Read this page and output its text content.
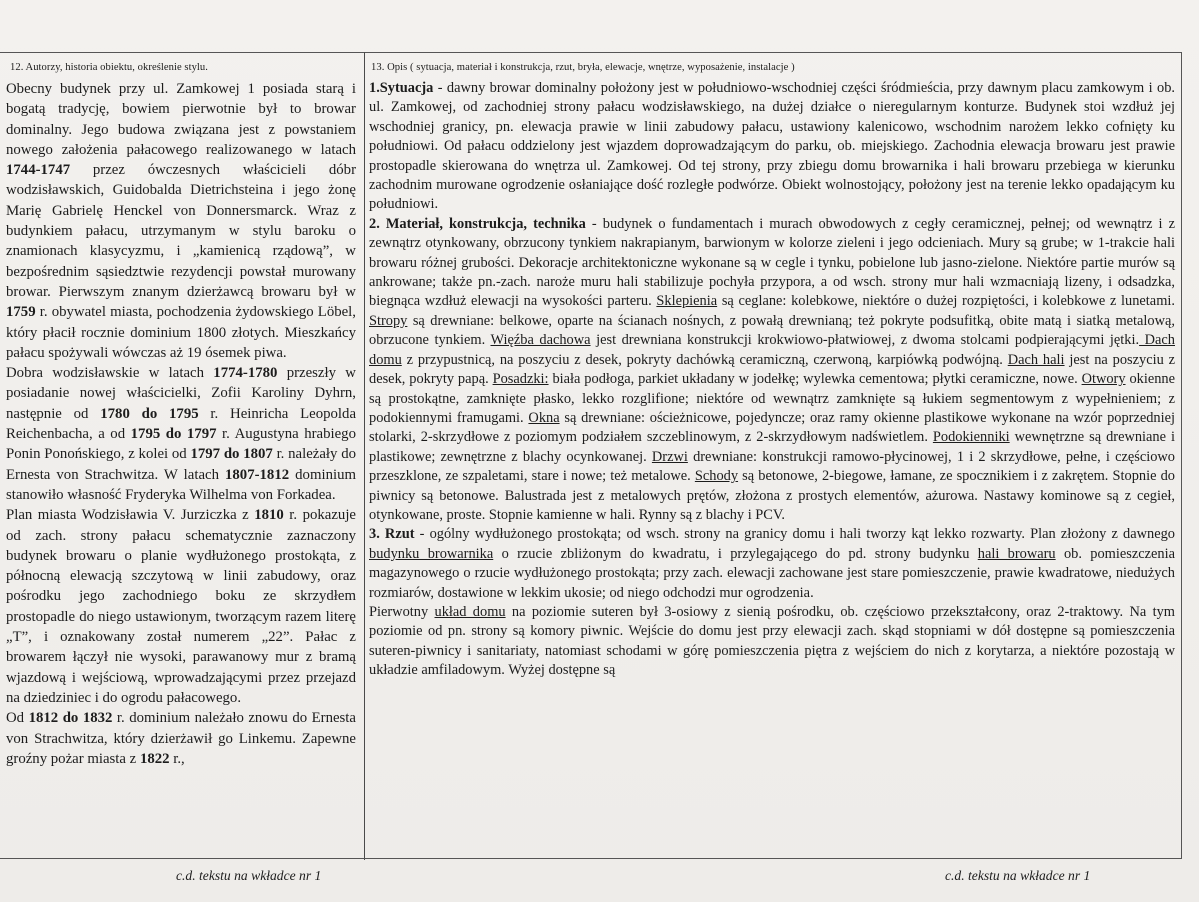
12. Autorzy, historia obiektu, określenie stylu.

Obecny budynek przy ul. Zamkowej 1 posiada starą i bogatą tradycję, bowiem pierwotnie był to browar dominalny. Jego budowa związana jest z powstaniem nowego założenia pałacowego realizowanego w latach 1744-1747 przez ówczesnych właścicieli dóbr wodzisławskich, Guidobalda Dietrichsteina i jego żonę Marię Gabrielę Henckel von Donnersmarck. Wraz z budynkiem pałacu, utrzymanym w stylu baroku o znamionach klasycyzmu, i „kamienicą rządową”, w bezpośrednim sąsiedztwie rezydencji powstał murowany browar. Pierwszym znanym dzierżawcą browaru był w 1759 r. obywatel miasta, pochodzenia żydowskiego Löbel, który płacił rocznie dominium 1800 złotych. Mieszkańcy pałacu spożywali wówczas aż 19 ósemek piwa.

Dobra wodzisławskie w latach 1774-1780 przeszły w posiadanie nowej właścicielki, Zofii Karoliny Dyhrn, następnie od 1780 do 1795 r. Heinricha Leopolda Reichenbacha, a od 1795 do 1797 r. Augustyna hrabiego Ponin Ponońskiego, z kolei od 1797 do 1807 r. należały do Ernesta von Strachwitza. W latach 1807-1812 dominium stanowiło własność Fryderyka Wilhelma von Forkadea.

Plan miasta Wodzisławia V. Jurziczka z 1810 r. pokazuje od zach. strony pałacu schematycznie zaznaczony budynek browaru o planie wydłużonego prostokąta, z północną elewacją szczytową w linii zabudowy, oraz pośrodku jego zachodniego boku ze skrzydłem prostopadle do niego ustawionym, tworzącym razem literę „T”, i oznakowany został numerem „22”. Pałac z browarem łączył nie wysoki, parawanowy mur z bramą wjazdową i wejściową, wprowadzającymi przez przejazd na dziedziniec i do ogrodu pałacowego.

Od 1812 do 1832 r. dominium należało znowu do Ernesta von Strachwitza, który dzierżawił go Linkemu. Zapewne groźny pożar miasta z 1822 r.,

13. Opis ( sytuacja, materiał i konstrukcja, rzut, bryła, elewacje, wnętrze, wyposażenie, instalacje )

1.Sytuacja - dawny browar dominalny położony jest w południowo-wschodniej części śródmieścia, przy dawnym placu zamkowym i ob. ul. Zamkowej, od zachodniej strony pałacu wodzisławskiego, na dużej działce o nieregularnym konturze. Budynek stoi wzdłuż jej wschodniej granicy, pn. elewacja prawie w linii zabudowy pałacu, ustawiony kalenicowo, wschodnim narożem lekko cofnięty ku południowi. Od pałacu oddzielony jest wjazdem doprowadzającym do parku, ob. miejskiego. Zachodnia elewacja browaru jest prawie prostopadle skierowana do wnętrza ul. Zamkowej. Od tej strony, przy zbiegu domu browarnika i hali browaru przebiega w kierunku zachodnim murowane ogrodzenie osłaniające dość rozległe podwórze. Obiekt wolnostojący, położony jest na terenie lekko opadającym ku południowi.

2. Materiał, konstrukcja, technika - budynek o fundamentach i murach obwodowych z cegły ceramicznej, pełnej; od wewnątrz i z zewnątrz otynkowany, obrzucony tynkiem nakrapianym, barwionym w kolorze zieleni i jego odcieniach. Mury są grube; w 1-trakcie hali browaru różnej grubości. Dekoracje architektoniczne wykonane są w cegle i tynku, pobielone lub jasno-zielone. Niektóre partie murów są ankrowane; także pn.-zach. naroże muru hali stabilizuje pochyła przypora, a od wsch. strony mur hali wzmacniają lizeny, i odsadzka, biegnąca wzdłuż elewacji na wysokości parteru. Sklepienia są ceglane: kolebkowe, niektóre o dużej rozpiętości, i kolebkowe z lunetami. Stropy są drewniane: belkowe, oparte na ścianach nośnych, z powałą drewnianą; też pokryte podsufitką, obite matą i siatką metalową, obrzucone tynkiem. Więźba dachowa jest drewniana konstrukcji krokwiowo-płatwiowej, z dwoma stolcami podpierającymi jętki. Dach domu z przypustnicą, na poszyciu z desek, pokryty dachówką ceramiczną, czerwoną, karpiówką podwójną. Dach hali jest na poszyciu z desek, pokryty papą. Posadzki: biała podłoga, parkiet układany w jodełkę; wylewka cementowa; płytki ceramiczne, nowe. Otwory okienne są prostokątne, zamknięte płasko, lekko rozglifione; niektóre od wewnątrz zamknięte są łukiem segmentowym z wypełnieniem; z podokiennymi framugami. Okna są drewniane: ościeżnicowe, pojedyncze; oraz ramy okienne plastikowe wykonane na wzór poprzedniej stolarki, 2-skrzydłowe z poziomym podziałem szczeblinowym, z 2-skrzydłowym nadświetlem. Podokienniki wewnętrzne są drewniane i plastikowe; zewnętrzne z blachy ocynkowanej. Drzwi drewniane: konstrukcji ramowo-płycinowej, 1 i 2 skrzydłowe, pełne, i częściowo przeszklone, ze szpaletami, stare i nowe; też metalowe. Schody są betonowe, 2-biegowe, łamane, ze spocznikiem i z zakrętem. Stopnie do piwnicy są betonowe. Balustrada jest z metalowych prętów, złożona z prostych elementów, ażurowa. Nastawy kominowe są z cegieł, otynkowane, proste. Stopnie kamienne w hali. Rynny są z blachy i PCV.

3. Rzut - ogólny wydłużonego prostokąta; od wsch. strony na granicy domu i hali tworzy kąt lekko rozwarty. Plan złożony z dawnego budynku browarnika o rzucie zbliżonym do kwadratu, i przylegającego do pd. strony budynku hali browaru ob. pomieszczenia magazynowego o rzucie wydłużonego prostokąta; przy zach. elewacji zachowane jest stare pomieszczenie, prawie kwadratowe, niedużych rozmiarów, dostawione w lekkim ukosie; od niego odchodzi mur ogrodzenia.

Pierwotny układ domu na poziomie suteren był 3-osiowy z sienią pośrodku, ob. częściowo przekształcony, oraz 2-traktowy. Na tym poziomie od pn. strony są komory piwnic. Wejście do domu jest przy elewacji zach. skąd stopniami w dół dostępne są pomieszczenia suteren-piwnicy i sanitariaty, natomiast schodami w górę pomieszczenia piętra z wejściem do nich z korytarza, a niektóre pozostają w układzie amfiladowym. Wyżej dostępne są

c.d. tekstu na wkładce nr 1	c.d. tekstu na wkładce nr 1
